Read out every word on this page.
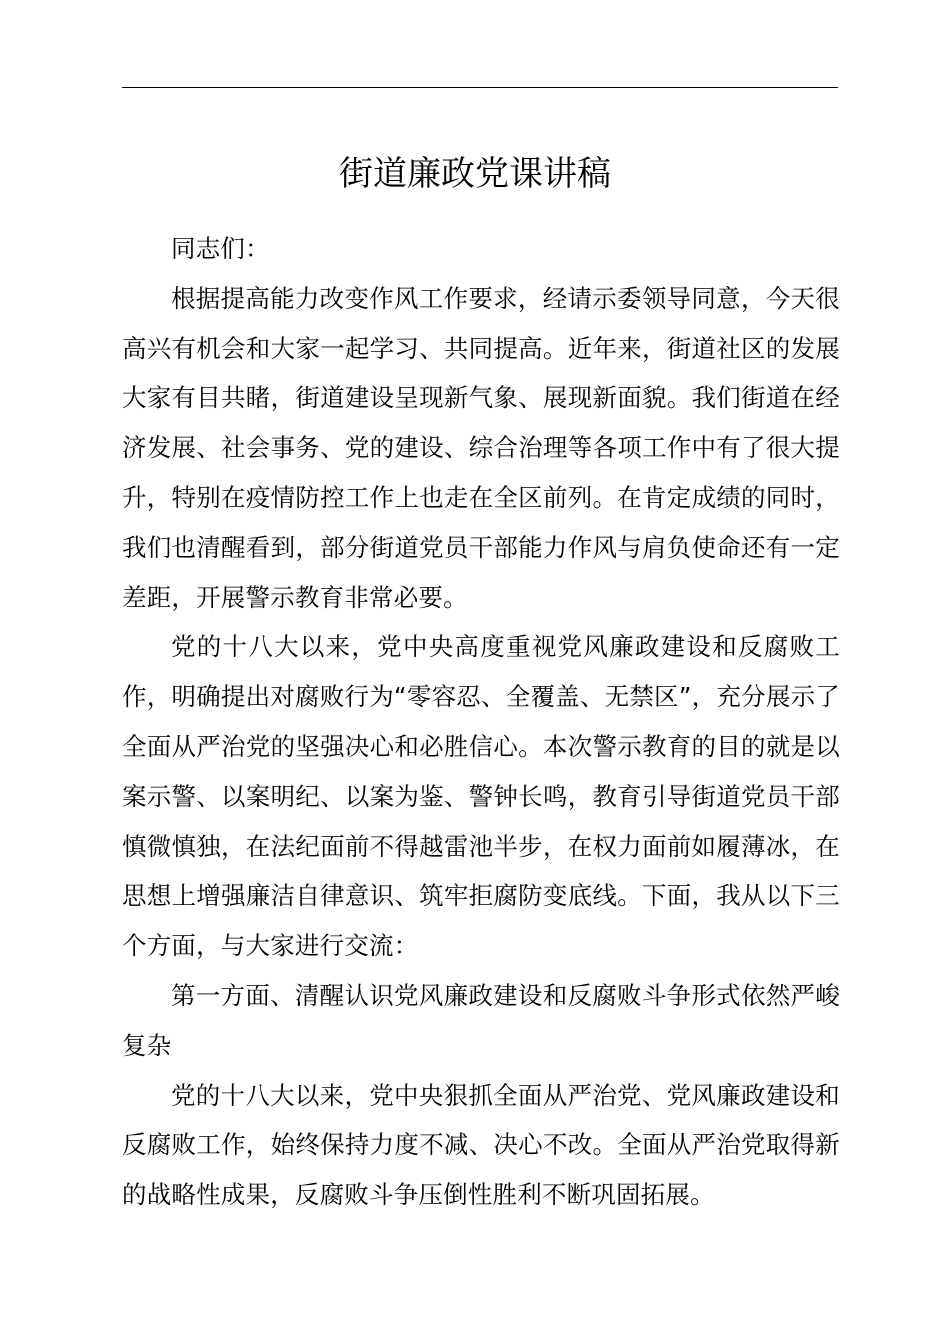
街道廉政党课讲稿

同志们：

根据提高能力改变作风工作要求，经请示委领导同意，今天很高兴有机会和大家一起学习、共同提高。近年来，街道社区的发展大家有目共睹，街道建设呈现新气象、展现新面貌。我们街道在经济发展、社会事务、党的建设、综合治理等各项工作中有了很大提升，特别在疫情防控工作上也走在全区前列。在肯定成绩的同时，我们也清醒看到，部分街道党员干部能力作风与肩负使命还有一定差距，开展警示教育非常必要。

党的十八大以来，党中央高度重视党风廉政建设和反腐败工作，明确提出对腐败行为“零容忍、全覆盖、无禁区”，充分展示了全面从严治党的坚强决心和必胜信心。本次警示教育的目的就是以案示警、以案明纪、以案为鉴、警钟长鸣，教育引导街道党员干部慎微慎独，在法纪面前不得越雷池半步，在权力面前如履薄冰，在思想上增强廉洁自律意识、筑牢拒腐防变底线。下面，我从以下三个方面，与大家进行交流：

第一方面、清醒认识党风廉政建设和反腐败斗争形式依然严峻复杂

党的十八大以来，党中央狠抓全面从严治党、党风廉政建设和反腐败工作，始终保持力度不减、决心不改。全面从严治党取得新的战略性成果，反腐败斗争压倒性胜利不断巩固拓展。
